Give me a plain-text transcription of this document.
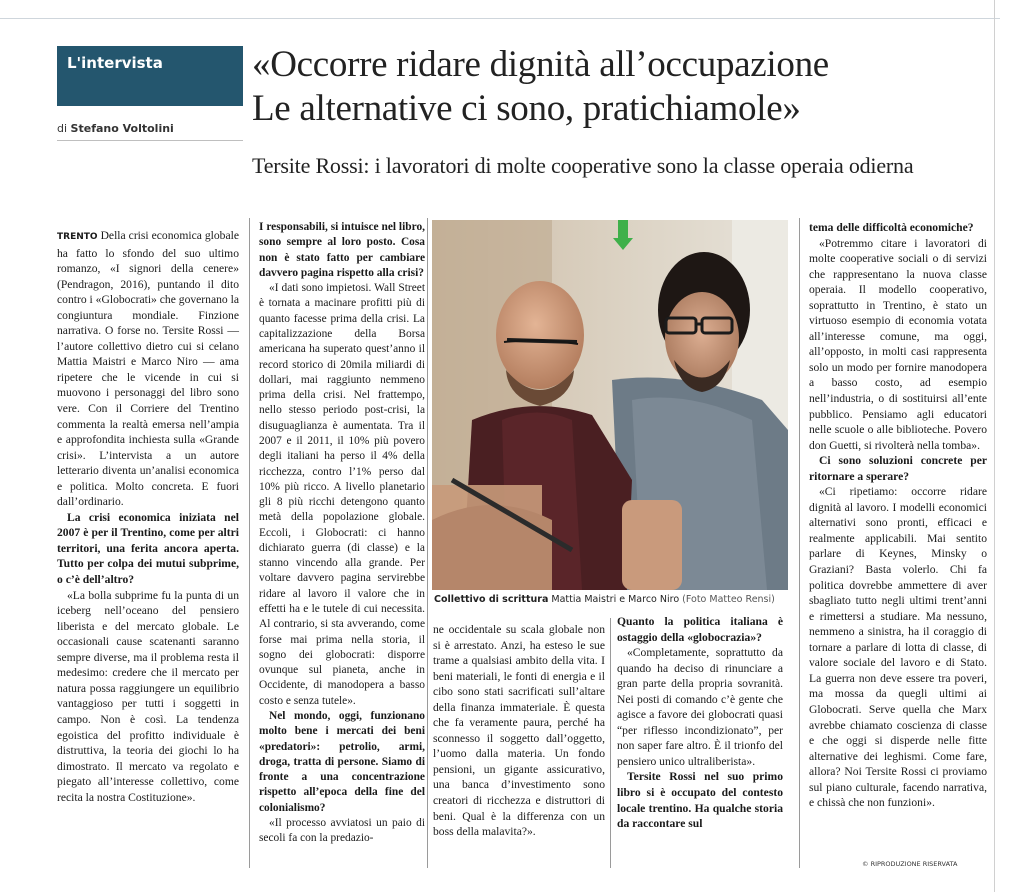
L'intervista
di Stefano Voltolini
«Occorre ridare dignità all’occupazione
Le alternative ci sono, pratichiamole»
Tersite Rossi: i lavoratori di molte cooperative sono la classe operaia odierna

TRENTO Della crisi economica globale ha fatto lo sfondo del suo ultimo romanzo, «I signori della cenere» (Pendragon, 2016), puntando il dito contro i «Globocrati» che governano la congiuntura mondiale. Finzione narrativa. O forse no. Tersite Rossi — l’autore collettivo dietro cui si celano Mattia Maistri e Marco Niro — ama ripetere che le vicende in cui si muovono i personaggi del libro sono vere. Con il Corriere del Trentino commenta la realtà emersa nell’ampia e approfondita inchiesta sulla «Grande crisi». L’intervista a un autore letterario diventa un’analisi economica e politica. Molto concreta. E fuori dall’ordinario.

La crisi economica iniziata nel 2007 è per il Trentino, come per altri territori, una ferita ancora aperta. Tutto per colpa dei mutui subprime, o c’è dell’altro?

«La bolla subprime fu la punta di un iceberg nell’oceano del pensiero liberista e del mercato globale. Le occasionali cause scatenanti saranno sempre diverse, ma il problema resta il medesimo: credere che il mercato per natura possa raggiungere un equilibrio vantaggioso per tutti i soggetti in campo. Non è così. La tendenza egoistica del profitto individuale è distruttiva, la teoria dei giochi lo ha dimostrato. Il mercato va regolato e piegato all’interesse collettivo, come recita la nostra Costituzione».

I responsabili, si intuisce nel libro, sono sempre al loro posto. Cosa non è stato fatto per cambiare davvero pagina rispetto alla crisi?

«I dati sono impietosi. Wall Street è tornata a macinare profitti più di quanto facesse prima della crisi. La capitalizzazione della Borsa americana ha superato quest’anno il record storico di 20mila miliardi di dollari, mai raggiunto nemmeno prima della crisi. Nel frattempo, nello stesso periodo post-crisi, la disuguaglianza è aumentata. Tra il 2007 e il 2011, il 10% più povero degli italiani ha perso il 4% della ricchezza, contro l’1% perso dal 10% più ricco. A livello planetario gli 8 più ricchi detengono quanto metà della popolazione globale. Eccoli, i Globocrati: ci hanno dichiarato guerra (di classe) e la stanno vincendo alla grande. Per voltare davvero pagina servirebbe ridare al lavoro il valore che in effetti ha e le tutele di cui necessita. Al contrario, si sta avverando, come forse mai prima nella storia, il sogno dei globocrati: disporre ovunque sul pianeta, anche in Occidente, di manodopera a basso costo e senza tutele».

Nel mondo, oggi, funzionano molto bene i mercati dei beni «predatori»: petrolio, armi, droga, tratta di persone. Siamo di fronte a una concentrazione rispetto all’epoca della fine del colonialismo?

«Il processo avviatosi un paio di secoli fa con la predazio-

Collettivo di scrittura Mattia Maistri e Marco Niro (Foto Matteo Rensi)

ne occidentale su scala globale non si è arrestato. Anzi, ha esteso le sue trame a qualsiasi ambito della vita. I beni materiali, le fonti di energia e il cibo sono stati sacrificati sull’altare della finanza immateriale. È questa che fa veramente paura, perché ha sconnesso il soggetto dall’oggetto, l’uomo dalla materia. Un fondo pensioni, un gigante assicurativo, una banca d’investimento sono creatori di ricchezza e distruttori di beni. Qual è la differenza con un boss della malavita?».

Quanto la politica italiana è ostaggio della «globocrazia»?

«Completamente, soprattutto da quando ha deciso di rinunciare a gran parte della propria sovranità. Nei posti di comando c’è gente che agisce a favore dei globocrati quasi “per riflesso incondizionato”, per non saper fare altro. È il trionfo del pensiero unico ultraliberista».

Tersite Rossi nel suo primo libro si è occupato del contesto locale trentino. Ha qualche storia da raccontare sul

tema delle difficoltà economiche?

«Potremmo citare i lavoratori di molte cooperative sociali o di servizi che rappresentano la nuova classe operaia. Il modello cooperativo, soprattutto in Trentino, è stato un virtuoso esempio di economia votata all’interesse comune, ma oggi, all’opposto, in molti casi rappresenta solo un modo per fornire manodopera a basso costo, ad esempio nell’industria, o di sostituirsi all’ente pubblico. Pensiamo agli educatori nelle scuole o alle biblioteche. Povero don Guetti, si rivolterà nella tomba».

Ci sono soluzioni concrete per ritornare a sperare?

«Ci ripetiamo: occorre ridare dignità al lavoro. I modelli economici alternativi sono pronti, efficaci e realmente applicabili. Mai sentito parlare di Keynes, Minsky o Graziani? Basta volerlo. Chi fa politica dovrebbe ammettere di aver sbagliato tutto negli ultimi trent’anni e rimettersi a studiare. Ma nessuno, nemmeno a sinistra, ha il coraggio di tornare a parlare di lotta di classe, di valore sociale del lavoro e di Stato. La guerra non deve essere tra poveri, ma mossa da quegli ultimi ai Globocrati. Serve quella che Marx avrebbe chiamato coscienza di classe e che oggi si disperde nelle fitte alternative dei leghismi. Come fare, allora? Noi Tersite Rossi ci proviamo sul piano culturale, facendo narrativa, e chissà che non funzioni».

© RIPRODUZIONE RISERVATA
